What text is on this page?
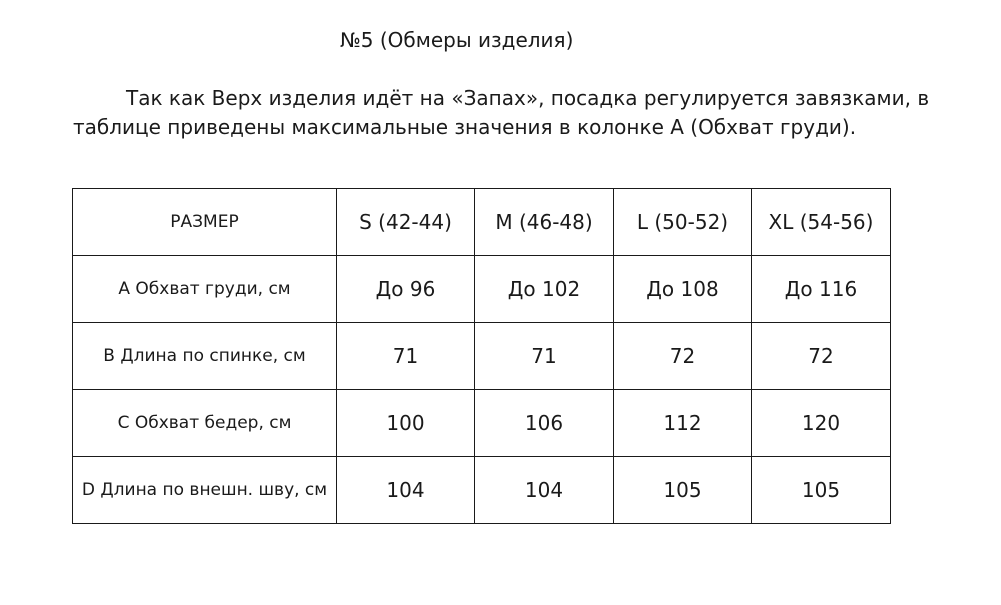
№5 (Обмеры изделия)
Так как Верх изделия идёт на «Запах», посадка регулируется завязками, в
таблице приведены максимальные значения в колонке А (Обхват груди).
РАЗМЕР	S (42-44)	M (46-48)	L (50-52)	XL (54-56)
А Обхват груди, см	До 96	До 102	До 108	До 116
В Длина по спинке, см	71	71	72	72
С Обхват бедер, см	100	106	112	120
D Длина по внешн. шву, см	104	104	105	105
